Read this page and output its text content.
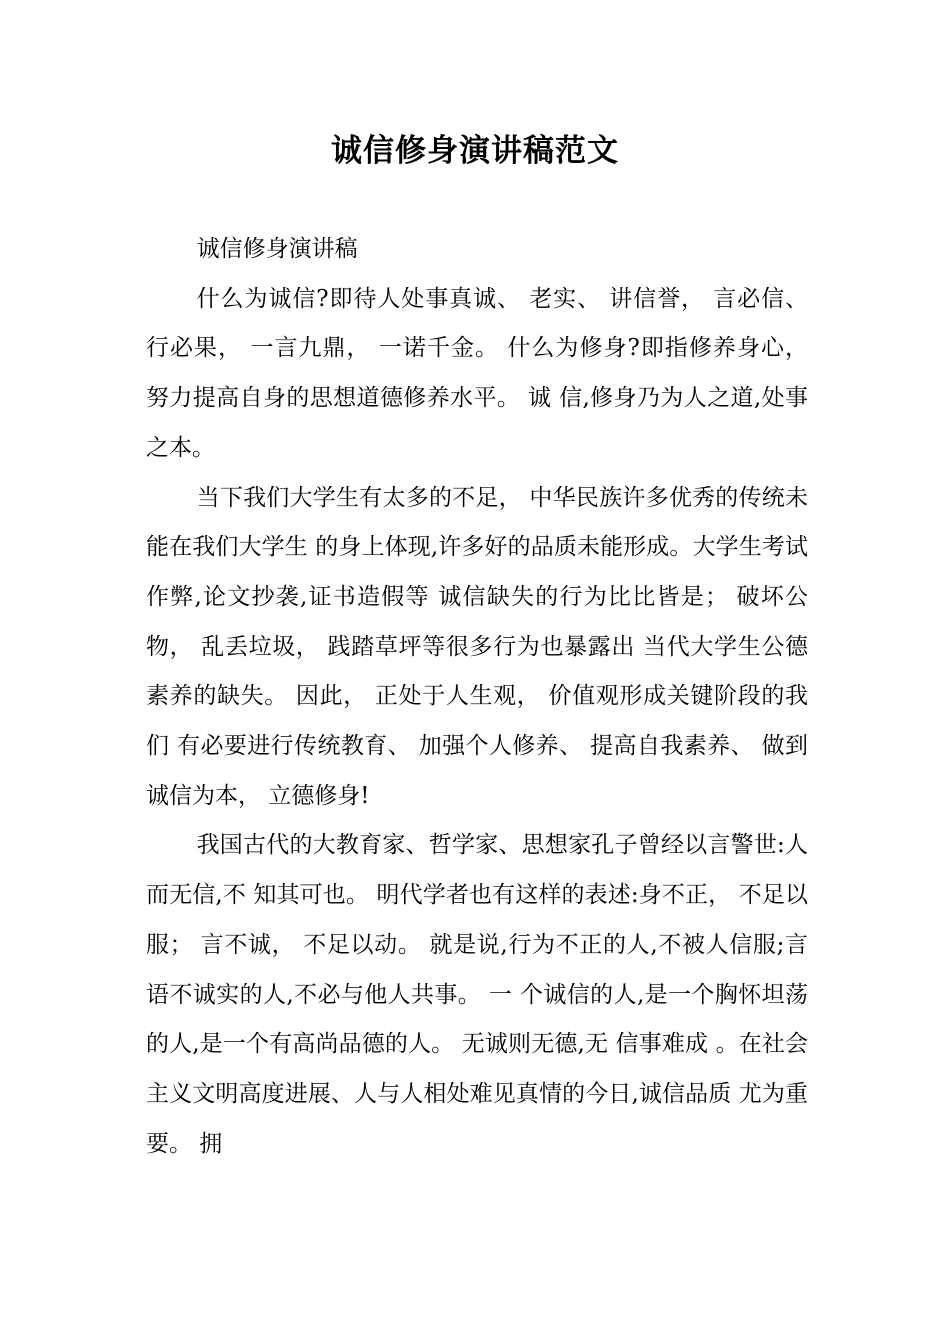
诚信修身演讲稿范文

诚信修身演讲稿

什么为诚信?即待人处事真诚、 老实、 讲信誉， 言必信、 行必果， 一言九鼎， 一诺千金。 什么为修身?即指修养身心， 努力提高自身的思想道德修养水平。 诚 信,修身乃为人之道,处事之本。

当下我们大学生有太多的不足， 中华民族许多优秀的传统未能在我们大学生 的身上体现,许多好的品质未能形成。大学生考试作弊,论文抄袭,证书造假等 诚信缺失的行为比比皆是； 破坏公物， 乱丢垃圾， 践踏草坪等很多行为也暴露出 当代大学生公德素养的缺失。 因此， 正处于人生观， 价值观形成关键阶段的我们 有必要进行传统教育、 加强个人修养、 提高自我素养、 做到诚信为本， 立德修身!

我国古代的大教育家、哲学家、思想家孔子曾经以言警世:人而无信,不 知其可也。 明代学者也有这样的表述:身不正， 不足以服； 言不诚， 不足以动。 就是说,行为不正的人,不被人信服;言语不诚实的人,不必与他人共事。 一 个诚信的人,是一个胸怀坦荡的人,是一个有高尚品德的人。 无诚则无德,无 信事难成 。在社会主义文明高度进展、人与人相处难见真情的今日,诚信品质 尤为重要。 拥
